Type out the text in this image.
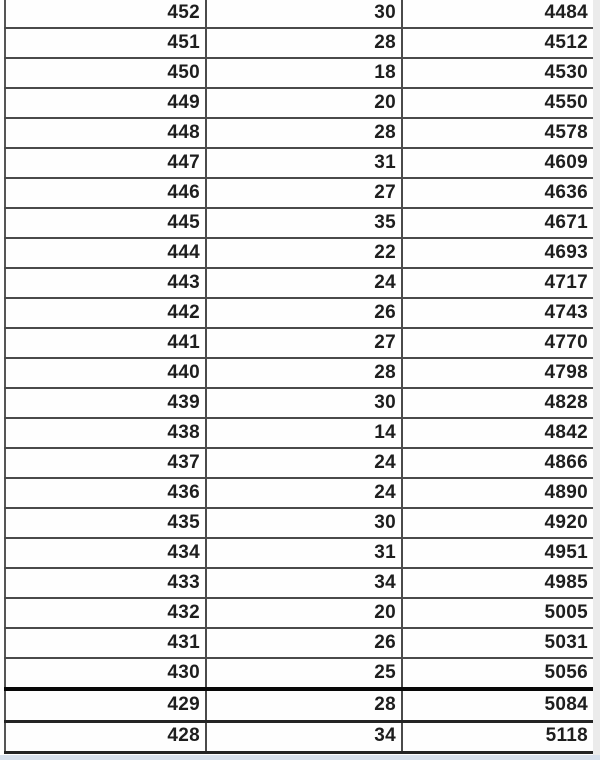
452	30	4484
451	28	4512
450	18	4530
449	20	4550
448	28	4578
447	31	4609
446	27	4636
445	35	4671
444	22	4693
443	24	4717
442	26	4743
441	27	4770
440	28	4798
439	30	4828
438	14	4842
437	24	4866
436	24	4890
435	30	4920
434	31	4951
433	34	4985
432	20	5005
431	26	5031
430	25	5056
429	28	5084
428	34	5118
